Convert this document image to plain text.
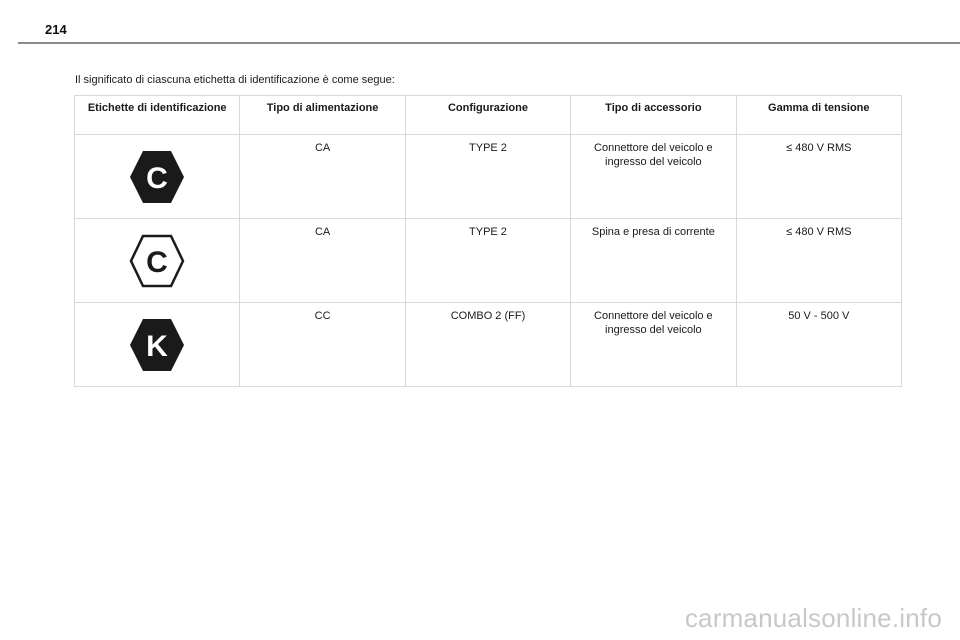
214
Il significato di ciascuna etichetta di identificazione è come segue:
Etichette di identificazione	Tipo di alimentazione	Configurazione	Tipo di accessorio	Gamma di tensione

C	CA	TYPE 2	Connettore del veicolo e ingresso del veicolo	≤ 480 V RMS

C	CA	TYPE 2	Spina e presa di corrente	≤ 480 V RMS

K	CC	COMBO 2 (FF)	Connettore del veicolo e ingresso del veicolo	50 V - 500 V
carmanualsonline.info
